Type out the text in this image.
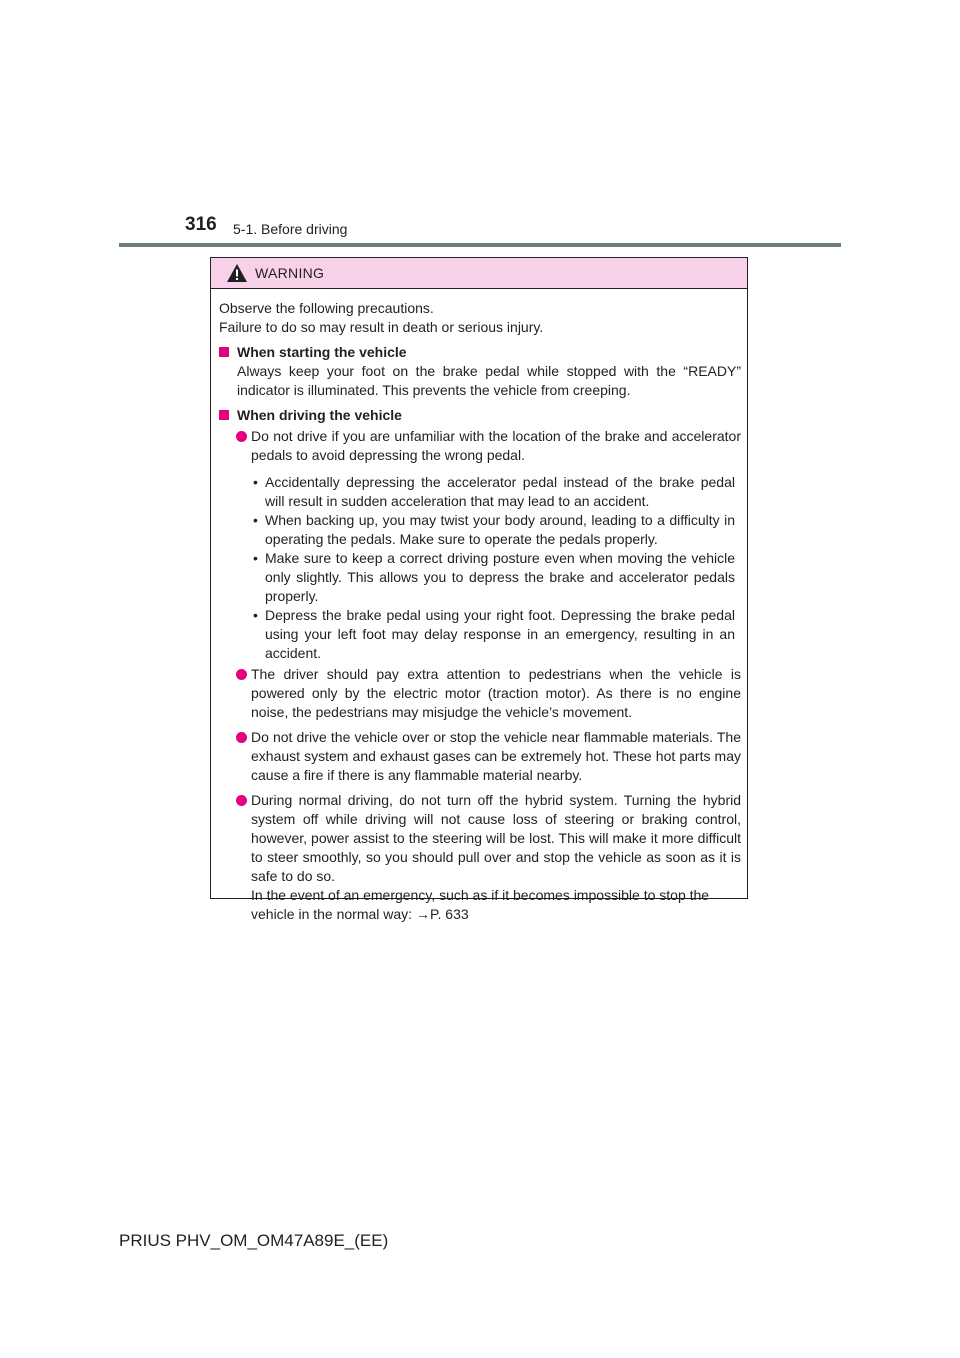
316 5-1. Before driving
WARNING

Observe the following precautions.

Failure to do so may result in death or serious injury.

When starting the vehicle
Always keep your foot on the brake pedal while stopped with the “READY” indicator is illuminated. This prevents the vehicle from creeping.
When driving the vehicle
Do not drive if you are unfamiliar with the location of the brake and accelerator pedals to avoid depressing the wrong pedal.
• Accidentally depressing the accelerator pedal instead of the brake pedal will result in sudden acceleration that may lead to an accident.
• When backing up, you may twist your body around, leading to a difficulty in operating the pedals. Make sure to operate the pedals properly.
• Make sure to keep a correct driving posture even when moving the vehicle only slightly. This allows you to depress the brake and accelerator pedals properly.
• Depress the brake pedal using your right foot. Depressing the brake pedal using your left foot may delay response in an emergency, resulting in an accident.
The driver should pay extra attention to pedestrians when the vehicle is powered only by the electric motor (traction motor). As there is no engine noise, the pedestrians may misjudge the vehicle’s movement.
Do not drive the vehicle over or stop the vehicle near flammable materials. The exhaust system and exhaust gases can be extremely hot. These hot parts may cause a fire if there is any flammable material nearby.
During normal driving, do not turn off the hybrid system. Turning the hybrid system off while driving will not cause loss of steering or braking control, however, power assist to the steering will be lost. This will make it more difficult to steer smoothly, so you should pull over and stop the vehicle as soon as it is safe to do so.
In the event of an emergency, such as if it becomes impossible to stop the vehicle in the normal way: →P. 633
PRIUS PHV_OM_OM47A89E_(EE)
